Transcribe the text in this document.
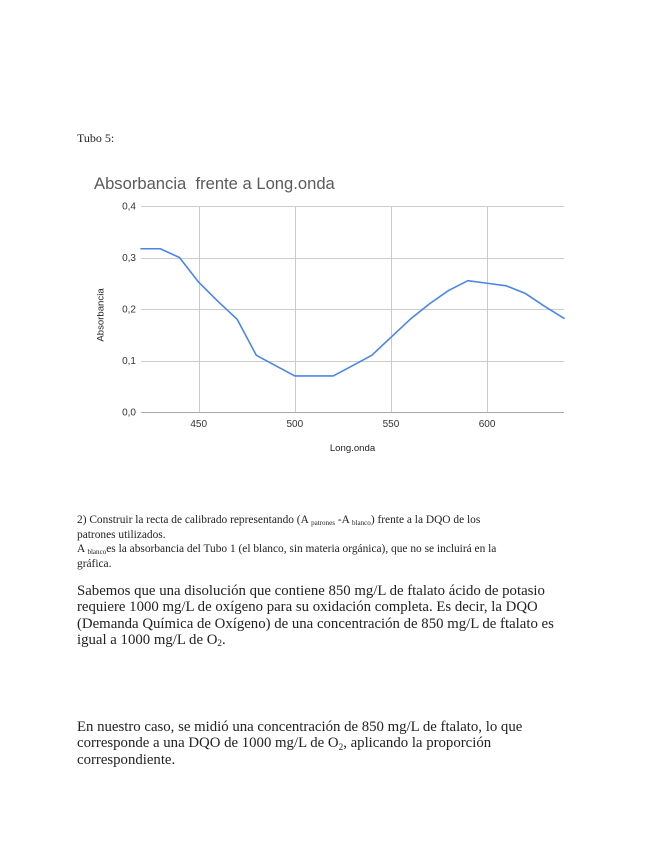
Tubo 5:
Absorbancia  frente a Long.onda
0,0
0,1
0,2
0,3
0,4
450	500	550	600
Absorbancia
Long.onda
2) Construir la recta de calibrado representando (A patrones -A blanco) frente a la DQO de los
patrones utilizados.
A blancoes la absorbancia del Tubo 1 (el blanco, sin materia orgánica), que no se incluirá en la
gráfica.
Sabemos que una disolución que contiene 850 mg/L de ftalato ácido de potasio
requiere 1000 mg/L de oxígeno para su oxidación completa. Es decir, la DQO
(Demanda Química de Oxígeno) de una concentración de 850 mg/L de ftalato es
igual a 1000 mg/L de O2.
En nuestro caso, se midió una concentración de 850 mg/L de ftalato, lo que
corresponde a una DQO de 1000 mg/L de O2, aplicando la proporción
correspondiente.
